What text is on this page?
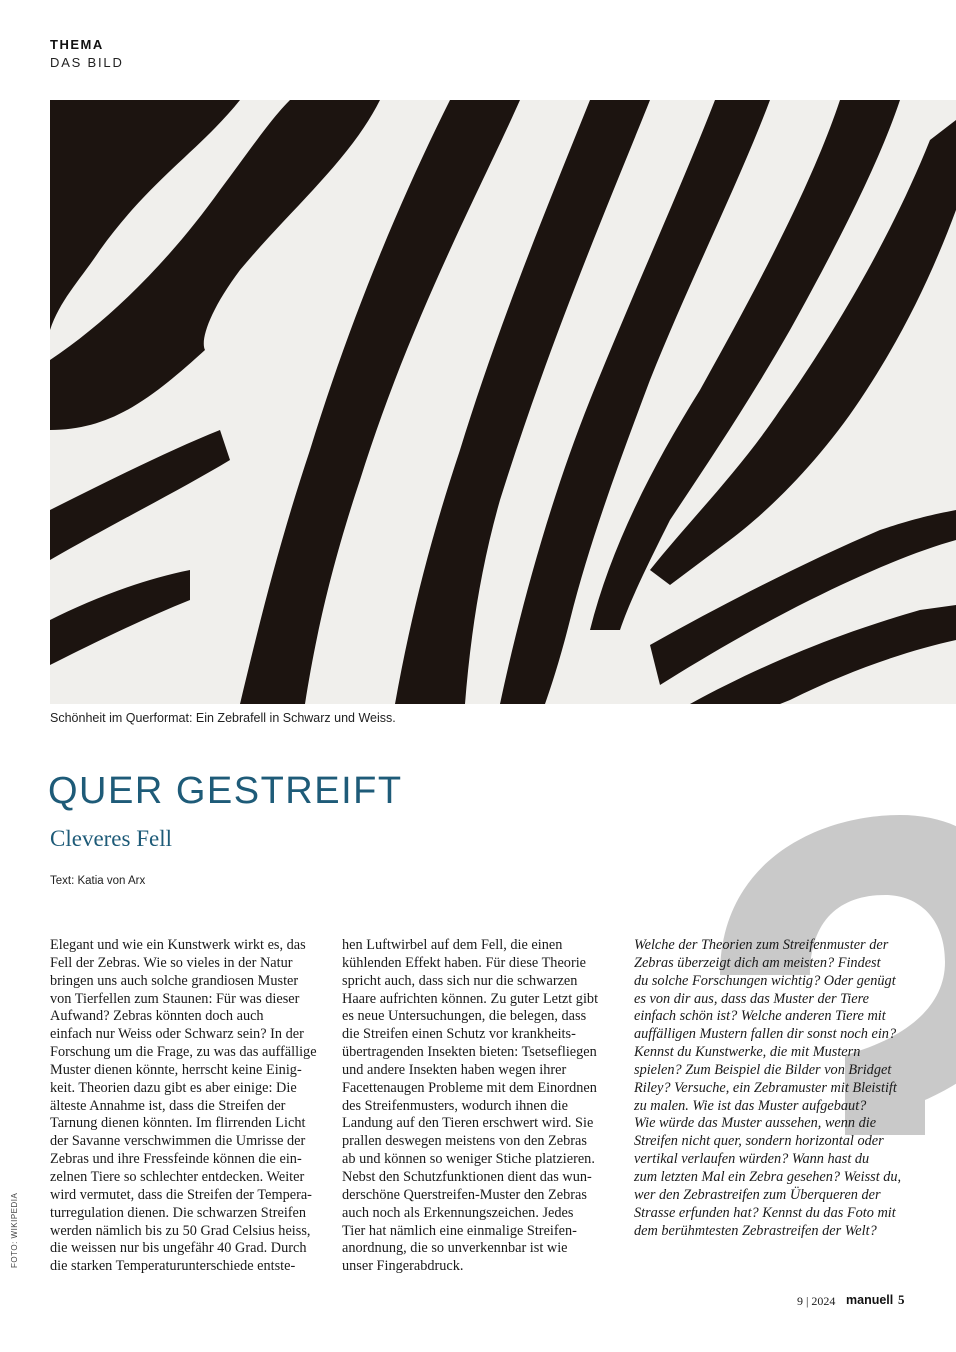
THEMA
DAS BILD
Schönheit im Querformat: Ein Zebrafell in Schwarz und Weiss.
QUER GESTREIFT
Cleveres Fell
Text: Katia von Arx
Elegant und wie ein Kunstwerk wirkt es, das
Fell der Zebras. Wie so vieles in der Natur
bringen uns auch solche grandiosen Muster
von Tierfellen zum Staunen: Für was dieser
Aufwand? Zebras könnten doch auch
einfach nur Weiss oder Schwarz sein? In der
Forschung um die Frage, zu was das auffällige
Muster dienen könnte, herrscht keine Einig-
keit. Theorien dazu gibt es aber einige: Die
älteste Annahme ist, dass die Streifen der
Tarnung dienen könnten. Im flirrenden Licht
der Savanne verschwimmen die Umrisse der
Zebras und ihre Fressfeinde können die ein-
zelnen Tiere so schlechter entdecken. Weiter
wird vermutet, dass die Streifen der Tempera-
turregulation dienen. Die schwarzen Streifen
werden nämlich bis zu 50 Grad Celsius heiss,
die weissen nur bis ungefähr 40 Grad. Durch
die starken Temperaturunterschiede entste-
hen Luftwirbel auf dem Fell, die einen
kühlenden Effekt haben. Für diese Theorie
spricht auch, dass sich nur die schwarzen
Haare aufrichten können. Zu guter Letzt gibt
es neue Untersuchungen, die belegen, dass
die Streifen einen Schutz vor krankheits-
übertragenden Insekten bieten: Tsetsefliegen
und andere Insekten haben wegen ihrer
Facettenaugen Probleme mit dem Einordnen
des Streifenmusters, wodurch ihnen die
Landung auf den Tieren erschwert wird. Sie
prallen deswegen meistens von den Zebras
ab und können so weniger Stiche platzieren.
Nebst den Schutzfunktionen dient das wun-
derschöne Querstreifen-Muster den Zebras
auch noch als Erkennungszeichen. Jedes
Tier hat nämlich eine einmalige Streifen-
anordnung, die so unverkennbar ist wie
unser Fingerabdruck.
Welche der Theorien zum Streifenmuster der
Zebras überzeigt dich am meisten? Findest
du solche Forschungen wichtig? Oder genügt
es von dir aus, dass das Muster der Tiere
einfach schön ist? Welche anderen Tiere mit
auffälligen Mustern fallen dir sonst noch ein?
Kennst du Kunstwerke, die mit Mustern
spielen? Zum Beispiel die Bilder von Bridget
Riley? Versuche, ein Zebramuster mit Bleistift
zu malen. Wie ist das Muster aufgebaut?
Wie würde das Muster aussehen, wenn die
Streifen nicht quer, sondern horizontal oder
vertikal verlaufen würden? Wann hast du
zum letzten Mal ein Zebra gesehen? Weisst du,
wer den Zebrastreifen zum Überqueren der
Strasse erfunden hat? Kennst du das Foto mit
dem berühmtesten Zebrastreifen der Welt?
FOTO: WIKIPEDIA
9 | 2024 manuell 5
